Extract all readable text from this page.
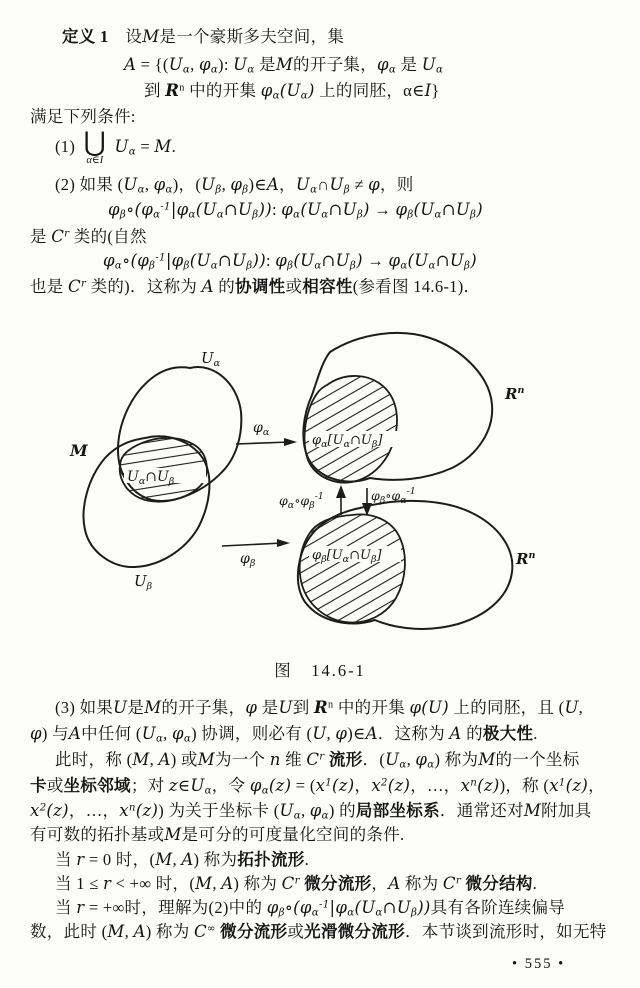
定义 1　设M是一个豪斯多夫空间，集
$A = \{(U_\alpha$, $\varphi_\alpha$): $U_\alpha$ 是M的开子集，$\varphi_\alpha$ 是 $U_\alpha$
到 $R^n$ 中的开集 $\varphi_\alpha(U_\alpha)$ 上的同胚，α∈I}
满足下列条件:
(1) ⋃
α∈I
$U_\alpha = M$.
(2) 如果 ($U_\alpha$, $\varphi_\alpha$)，($U_\beta$, $\varphi_\beta)\in A$，$U_\alpha\cap U_\beta \ne \varphi$，则
$\varphi_\beta\circ(\varphi_\alpha^{-1}|\varphi_\alpha(U_\alpha\cap U_\beta))$: $\varphi_\alpha(U_\alpha\cap U_\beta)$ → $\varphi_\beta(U_\alpha\cap U_\beta)$
是 $C^r$ 类的(自然
$\varphi_\alpha\circ(\varphi_\beta^{-1}|\varphi_\beta(U_\alpha\cap U_\beta))$: $\varphi_\beta(U_\alpha\cap U_\beta)$ → $\varphi_\alpha(U_\alpha\cap U_\beta)$
也是 $C^r$ 类的)．这称为 A 的协调性或相容性(参看图 14.6-1)．
$U_\alpha\cap U_\beta$
M
$U_\alpha$
$U_\beta$
$\varphi_\alpha$
$\varphi_\beta$
$\varphi_\alpha[U_\alpha\cap U_\beta]$
$R^n$
$\varphi_\alpha\circ\varphi_\beta^{-1}$	$\varphi_\beta\circ\varphi_\alpha^{-1}$
$\varphi_\beta[U_\alpha\cap U_\beta]$	$R^n$
图　14.6-1
(3) 如果U是M的开子集，φ 是U到 $R^n$ 中的开集 φ(U) 上的同胚，且 (U,
φ) 与A中任何 ($U_\alpha$, $\varphi_\alpha$) 协调，则必有 (U, φ)∈A．这称为 A 的极大性.
此时，称 (M, A) 或M为一个 n 维 $C^r$ 流形．($U_\alpha$, $\varphi_\alpha$) 称为M的一个坐标
卡或坐标邻域；对 $z\in U_\alpha$，令 $\varphi_\alpha(z) = (x^1(z)$，$x^2(z)$，…，$x^n(z)$)，称 ($x^1(z)$，
$x^2(z)$，…，$x^n(z)$) 为关于坐标卡 ($U_\alpha$, $\varphi_\alpha$) 的局部坐标系．通常还对M附加具
有可数的拓扑基或M是可分的可度量化空间的条件.
当 r = 0 时，(M, A) 称为拓扑流形.
当 1 ≤ r < +∞ 时，(M, A) 称为 $C^r$ 微分流形，A 称为 $C^r$ 微分结构.
当 r = +∞时，理解为(2)中的 $\varphi_\beta\circ(\varphi_\alpha^{-1}|\varphi_\alpha(U_\alpha\cap U_\beta))$具有各阶连续偏导
数，此时 (M, A) 称为 C∞ 微分流形或光滑微分流形．本节谈到流形时，如无特
• 555 •
